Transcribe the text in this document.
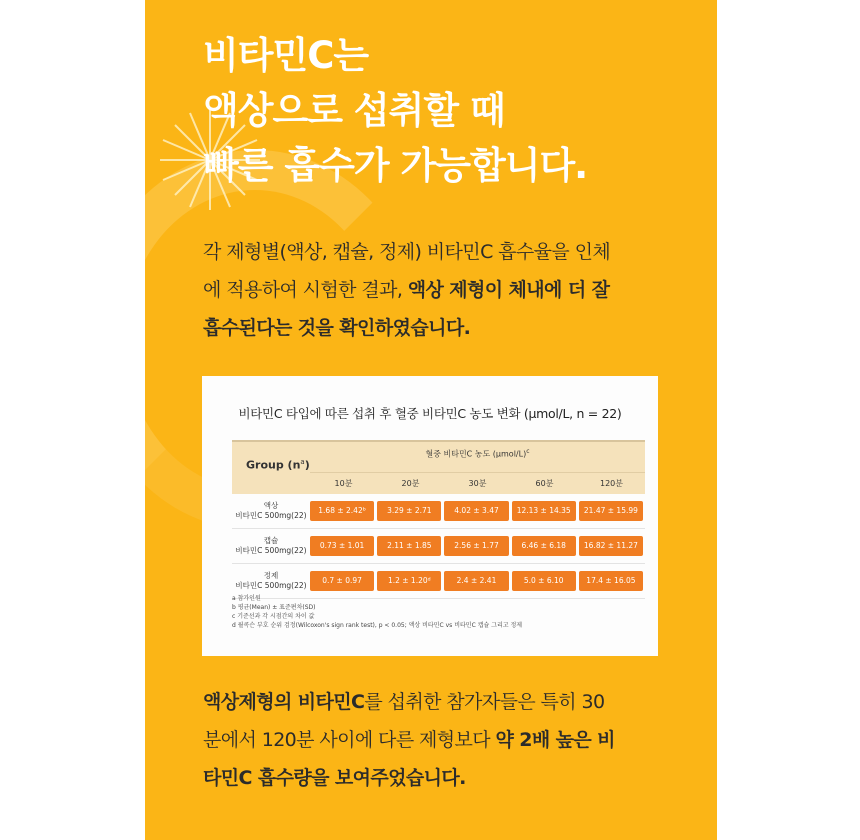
비타민C는
액상으로 섭취할 때
빠른 흡수가 가능합니다.
각 제형별(액상, 캡슐, 정제) 비타민C 흡수율을 인체
에 적용하여 시험한 결과, 액상 제형이 체내에 더 잘
흡수된다는 것을 확인하였습니다.
비타민C 타입에 따른 섭취 후 혈중 비타민C 농도 변화 (µmol/L, n = 22)
Group $(n^a)$
혈중 비타민C 농도 $(\mu mol/L)^c$
10분	20분	30분	60분	120분
액상
비타민C 500mg(22)
1.68 ± 2.42ᵇ	3.29 ± 2.71	4.02 ± 3.47	12.13 ± 14.35	21.47 ± 15.99
캡슐
비타민C 500mg(22)
0.73 ± 1.01	2.11 ± 1.85	2.56 ± 1.77	6.46 ± 6.18	16.82 ± 11.27
정제
비타민C 500mg(22)
0.7 ± 0.97	1.2 ± 1.20ᵈ	2.4 ± 2.41	5.0 ± 6.10	17.4 ± 16.05
a 참가인원
b 평균(Mean) ± 표준편차(SD)
c 기준선과 각 시점간의 차이 값
d 윌콕슨 부호 순위 검정(Wilcoxon's sign rank test), p < 0.05; 액상 비타민C vs 비타민C 캡슐 그리고 정제
액상제형의 비타민C를 섭취한 참가자들은 특히 30
분에서 120분 사이에 다른 제형보다 약 2배 높은 비
타민C 흡수량을 보여주었습니다.
